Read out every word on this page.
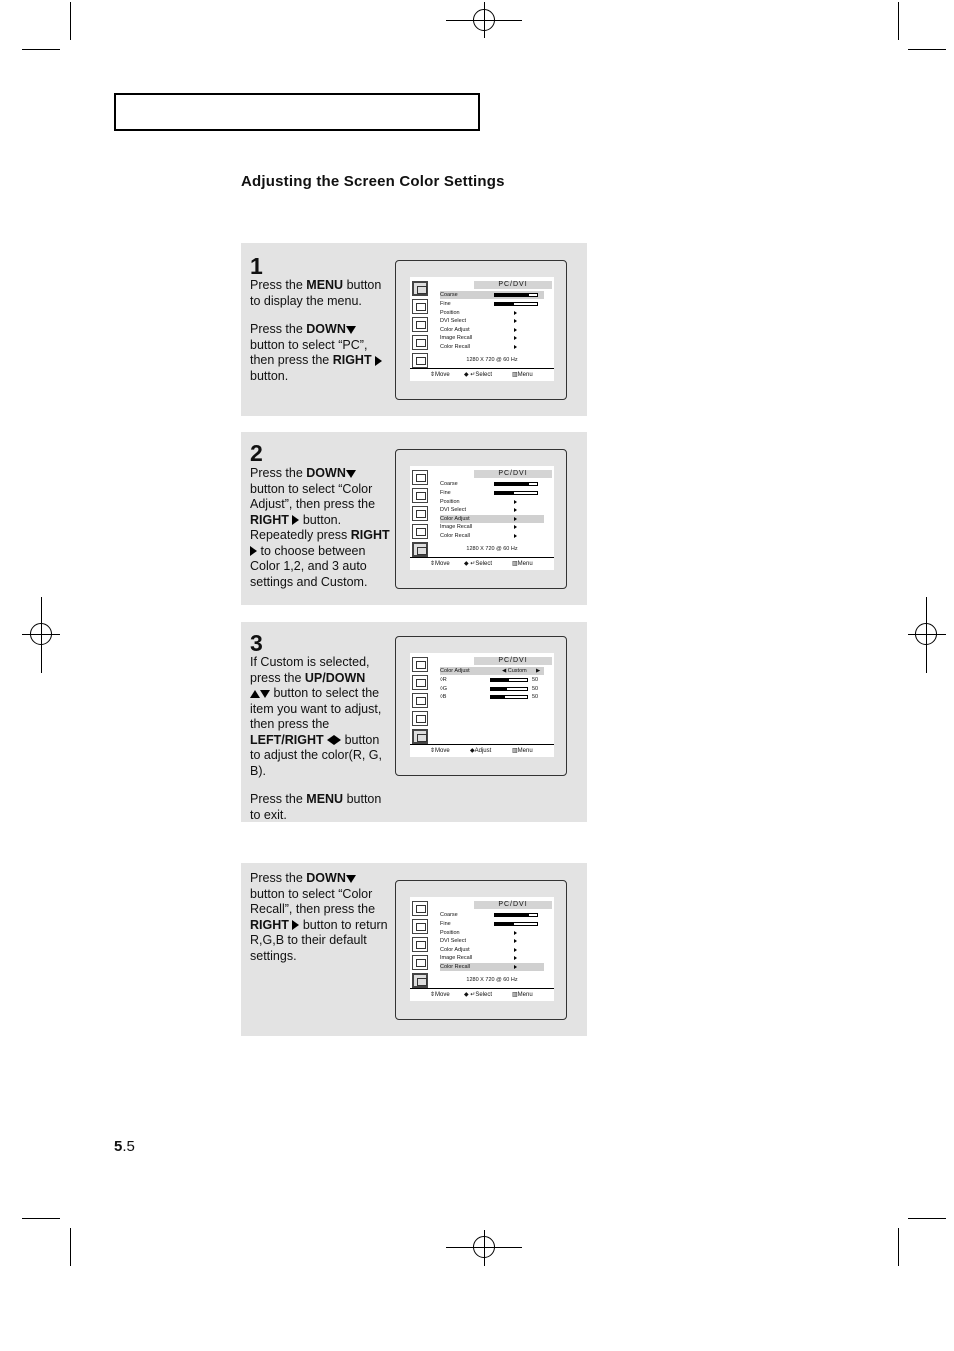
Adjusting the Screen Color Settings
1
Press the MENU button to display the menu.
Press the DOWN button to select “PC”, then press the RIGHT  button.
PC/DVI
Coarse
Fine
Position
DVI Select
Color Adjust
Image Recall
Color Recall
1280 X 720 @ 60 Hz
⇕ Move ◆ ↵ Select	▥ Menu
2
Press the DOWN button to select “Color Adjust”, then press the RIGHT  button. Repeatedly press RIGHT  to choose between Color 1,2, and 3 auto settings and Custom.
PC/DVI
Coarse
Fine
Position
DVI Select
Color Adjust
Image Recall
Color Recall
1280 X 720 @ 60 Hz
⇕ Move ◆ ↵ Select	▥ Menu
3
If Custom is selected, press the UP/DOWN
button to select the item you want to adjust, then press the LEFT/RIGHT  button to adjust the color(R, G, B).
Press the MENU button to exit.
PC/DVI
Color Adjust	◀ Custom ▶
◊R	50
◊G	50
◊B	50
⇕ Move	◆ Adjust	▥ Menu
Press the DOWN button to select “Color Recall”, then press the RIGHT  button to return R,G,B to their default settings.
PC/DVI
Coarse
Fine
Position
DVI Select
Color Adjust
Image Recall
Color Recall
1280 X 720 @ 60 Hz
⇕ Move ◆ ↵ Select	▥ Menu
5.5
